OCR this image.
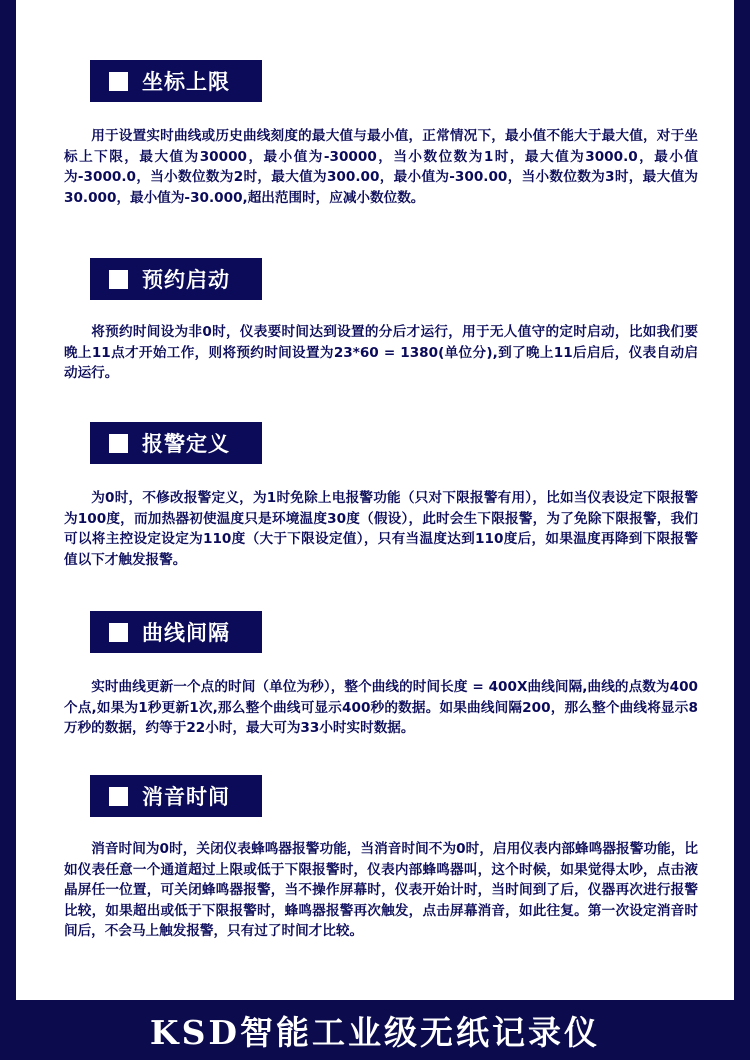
坐标上限

用于设置实时曲线或历史曲线刻度的最大值与最小值，正常情况下，最小值不能大于最大值，对于坐标上下限，最大值为30000，最小值为-30000，当小数位数为1时，最大值为3000.0，最小值为-3000.0，当小数位数为2时，最大值为300.00，最小值为-300.00，当小数位数为3时，最大值为30.000，最小值为-30.000,超出范围时，应减小数位数。

预约启动

将预约时间设为非0时，仪表要时间达到设置的分后才运行，用于无人值守的定时启动，比如我们要晚上11点才开始工作，则将预约时间设置为23*60 = 1380(单位分),到了晚上11后启后，仪表自动启动运行。

报警定义

为0时，不修改报警定义，为1时免除上电报警功能（只对下限报警有用），比如当仪表设定下限报警为100度，而加热器初使温度只是环境温度30度（假设），此时会生下限报警，为了免除下限报警，我们可以将主控设定设定为110度（大于下限设定值），只有当温度达到110度后，如果温度再降到下限报警值以下才触发报警。

曲线间隔

实时曲线更新一个点的时间（单位为秒），整个曲线的时间长度 = 400X曲线间隔,曲线的点数为400个点,如果为1秒更新1次,那么整个曲线可显示400秒的数据。如果曲线间隔200，那么整个曲线将显示8万秒的数据，约等于22小时，最大可为33小时实时数据。

消音时间

消音时间为0时，关闭仪表蜂鸣器报警功能，当消音时间不为0时，启用仪表内部蜂鸣器报警功能，比如仪表任意一个通道超过上限或低于下限报警时，仪表内部蜂鸣器叫，这个时候，如果觉得太吵，点击液晶屏任一位置，可关闭蜂鸣器报警，当不操作屏幕时，仪表开始计时，当时间到了后，仪器再次进行报警比较，如果超出或低于下限报警时，蜂鸣器报警再次触发，点击屏幕消音，如此往复。第一次设定消音时间后，不会马上触发报警，只有过了时间才比较。

KSD智能工业级无纸记录仪
